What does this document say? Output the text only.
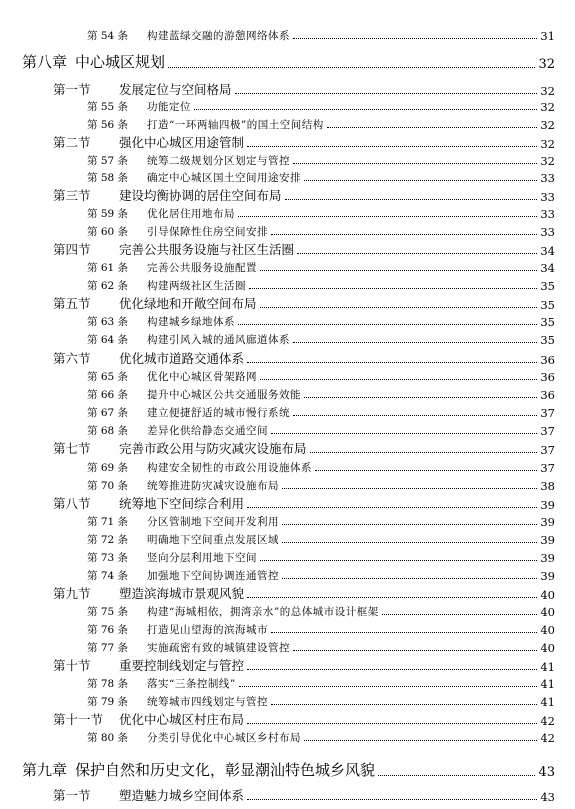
第 54 条 构建蓝绿交融的游憩网络体系	31
第八章 中心城区规划	32
第一节 发展定位与空间格局	32
第 55 条 功能定位	32
第 56 条 打造“一环两轴四极”的国土空间结构	32
第二节 强化中心城区用途管制	32
第 57 条 统筹二级规划分区划定与管控	32
第 58 条 确定中心城区国土空间用途安排	33
第三节 建设均衡协调的居住空间布局	33
第 59 条 优化居住用地布局	33
第 60 条 引导保障性住房空间安排	33
第四节 完善公共服务设施与社区生活圈	34
第 61 条 完善公共服务设施配置	34
第 62 条 构建两级社区生活圈	35
第五节 优化绿地和开敞空间布局	35
第 63 条 构建城乡绿地体系	35
第 64 条 构建引风入城的通风廊道体系	35
第六节 优化城市道路交通体系	36
第 65 条 优化中心城区骨架路网	36
第 66 条 提升中心城区公共交通服务效能	36
第 67 条 建立便捷舒适的城市慢行系统	37
第 68 条 差异化供给静态交通空间	37
第七节 完善市政公用与防灾减灾设施布局	37
第 69 条 构建安全韧性的市政公用设施体系	37
第 70 条 统筹推进防灾减灾设施布局	38
第八节 统筹地下空间综合利用	39
第 71 条 分区管制地下空间开发利用	39
第 72 条 明确地下空间重点发展区域	39
第 73 条 竖向分层利用地下空间	39
第 74 条 加强地下空间协调连通管控	39
第九节 塑造滨海城市景观风貌	40
第 75 条 构建“海城相依，拥湾亲水”的总体城市设计框架	40
第 76 条 打造见山望海的滨海城市	40
第 77 条 实施疏密有致的城镇建设管控	40
第十节 重要控制线划定与管控	41
第 78 条 落实“三条控制线”	41
第 79 条 统筹城市四线划定与管控	41
第十一节 优化中心城区村庄布局	42
第 80 条 分类引导优化中心城区乡村布局	42
第九章 保护自然和历史文化，彰显潮汕特色城乡风貌	43
第一节 塑造魅力城乡空间体系	43
